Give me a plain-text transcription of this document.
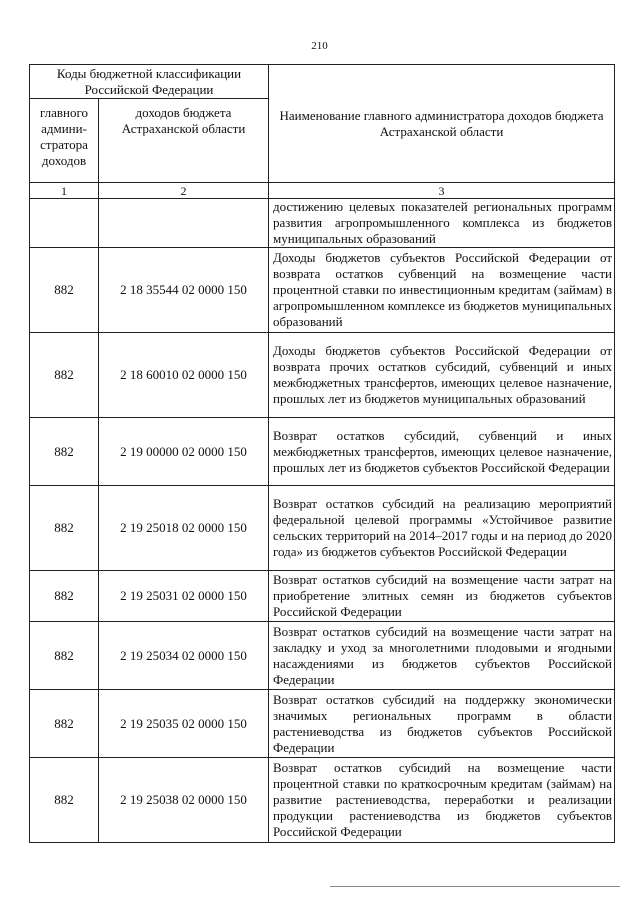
210
Коды бюджетной классификации Российской Федерации		Наименование главного администратора доходов бюджета Астраханской области
главного админи-стратора доходов	доходов бюджета Астраханской области	
1	2	3
		достижению целевых показателей региональных программ развития агропромышленного комплекса из бюджетов муниципальных образований
882	2 18 35544 02 0000 150	Доходы бюджетов субъектов Российской Федерации от возврата остатков субвенций на возмещение части процентной ставки по инвестиционным кредитам (займам) в агропромышленном комплексе из бюджетов муниципальных образований
882	2 18 60010 02 0000 150	Доходы бюджетов субъектов Российской Федерации от возврата прочих остатков субсидий, субвенций и иных межбюджетных трансфертов, имеющих целевое назначение, прошлых лет из бюджетов муниципальных образований
882	2 19 00000 02 0000 150	Возврат остатков субсидий, субвенций и иных межбюджетных трансфертов, имеющих целевое назначение, прошлых лет из бюджетов субъектов Российской Федерации
882	2 19 25018 02 0000 150	Возврат остатков субсидий на реализацию мероприятий федеральной целевой программы «Устойчивое развитие сельских территорий на 2014–2017 годы и на период до 2020 года» из бюджетов субъектов Российской Федерации
882	2 19 25031 02 0000 150	Возврат остатков субсидий на возмещение части затрат на приобретение элитных семян из бюджетов субъектов Российской Федерации
882	2 19 25034 02 0000 150	Возврат остатков субсидий на возмещение части затрат на закладку и уход за многолетними плодовыми и ягодными насаждениями из бюджетов субъектов Российской Федерации
882	2 19 25035 02 0000 150	Возврат остатков субсидий на поддержку экономически значимых региональных программ в области растениеводства из бюджетов субъектов Российской Федерации
882	2 19 25038 02 0000 150	Возврат остатков субсидий на возмещение части процентной ставки по краткосрочным кредитам (займам) на развитие растениеводства, переработки и реализации продукции растениеводства из бюджетов субъектов Российской Федерации
